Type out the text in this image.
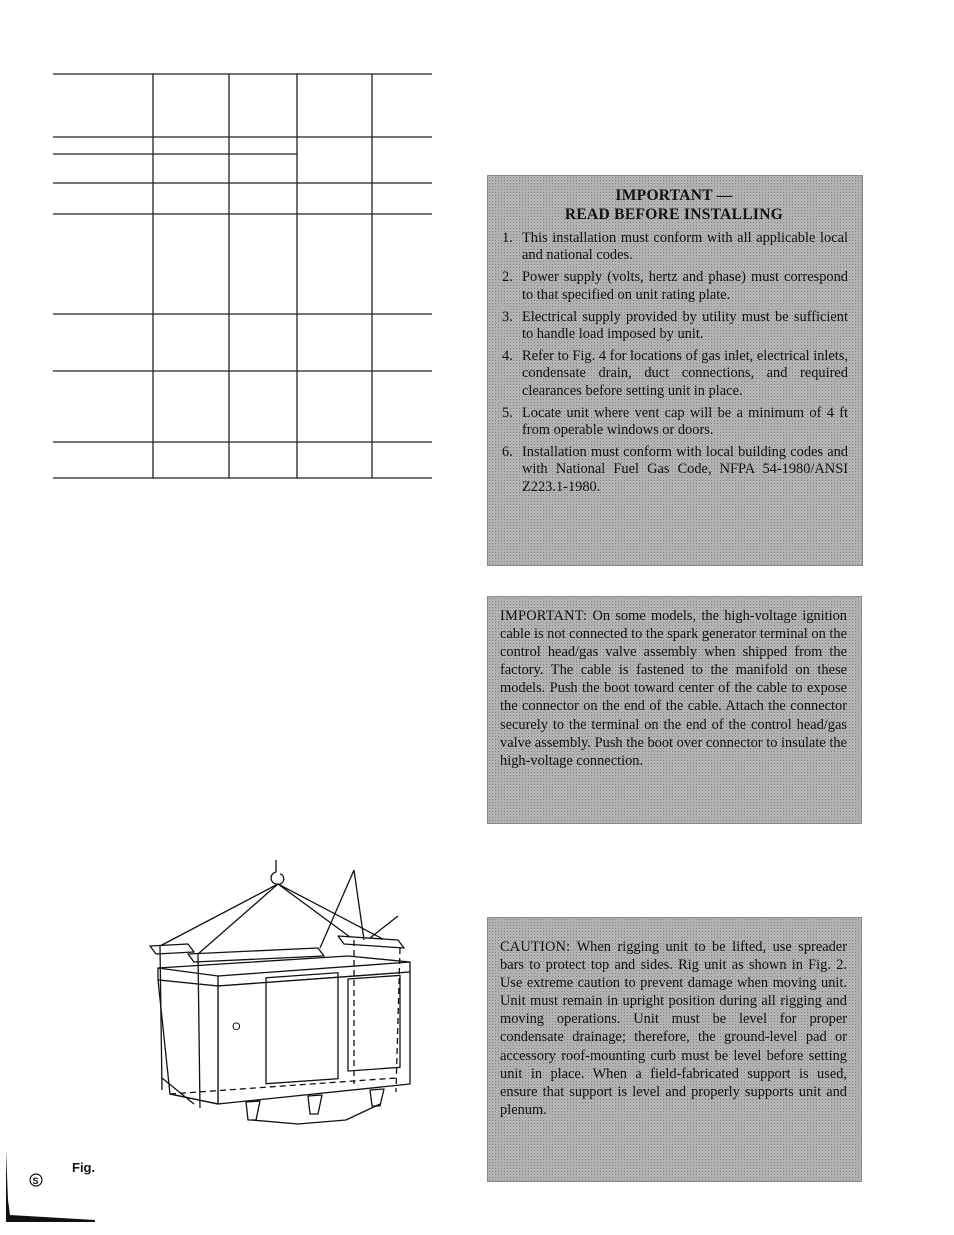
IMPORTANT —
READ BEFORE INSTALLING
1. This installation must conform with all applicable local and national codes.
2. Power supply (volts, hertz and phase) must correspond to that specified on unit rating plate.
3. Electrical supply provided by utility must be sufficient to handle load imposed by unit.
4. Refer to Fig. 4 for locations of gas inlet, electrical inlets, condensate drain, duct connections, and required clearances before setting unit in place.
5. Locate unit where vent cap will be a minimum of 4 ft from operable windows or doors.
6. Installation must conform with local building codes and with National Fuel Gas Code, NFPA 54-1980/ANSI Z223.1-1980.

IMPORTANT: On some models, the high-voltage ignition cable is not connected to the spark generator terminal on the control head/gas valve assembly when shipped from the factory. The cable is fastened to the manifold on these models. Push the boot toward center of the cable to expose the connector on the end of the cable. Attach the connector securely to the terminal on the end of the control head/gas valve assembly. Push the boot over connector to insulate the high-voltage connection.

CAUTION: When rigging unit to be lifted, use spreader bars to protect top and sides. Rig unit as shown in Fig. 2. Use extreme caution to prevent damage when moving unit. Unit must remain in upright position during all rigging and moving operations. Unit must be level for proper condensate drainage; therefore, the ground-level pad or accessory roof-mounting curb must be level before setting unit in place. When a field-fabricated support is used, ensure that support is level and properly supports unit and plenum.

O
Fig.
S
